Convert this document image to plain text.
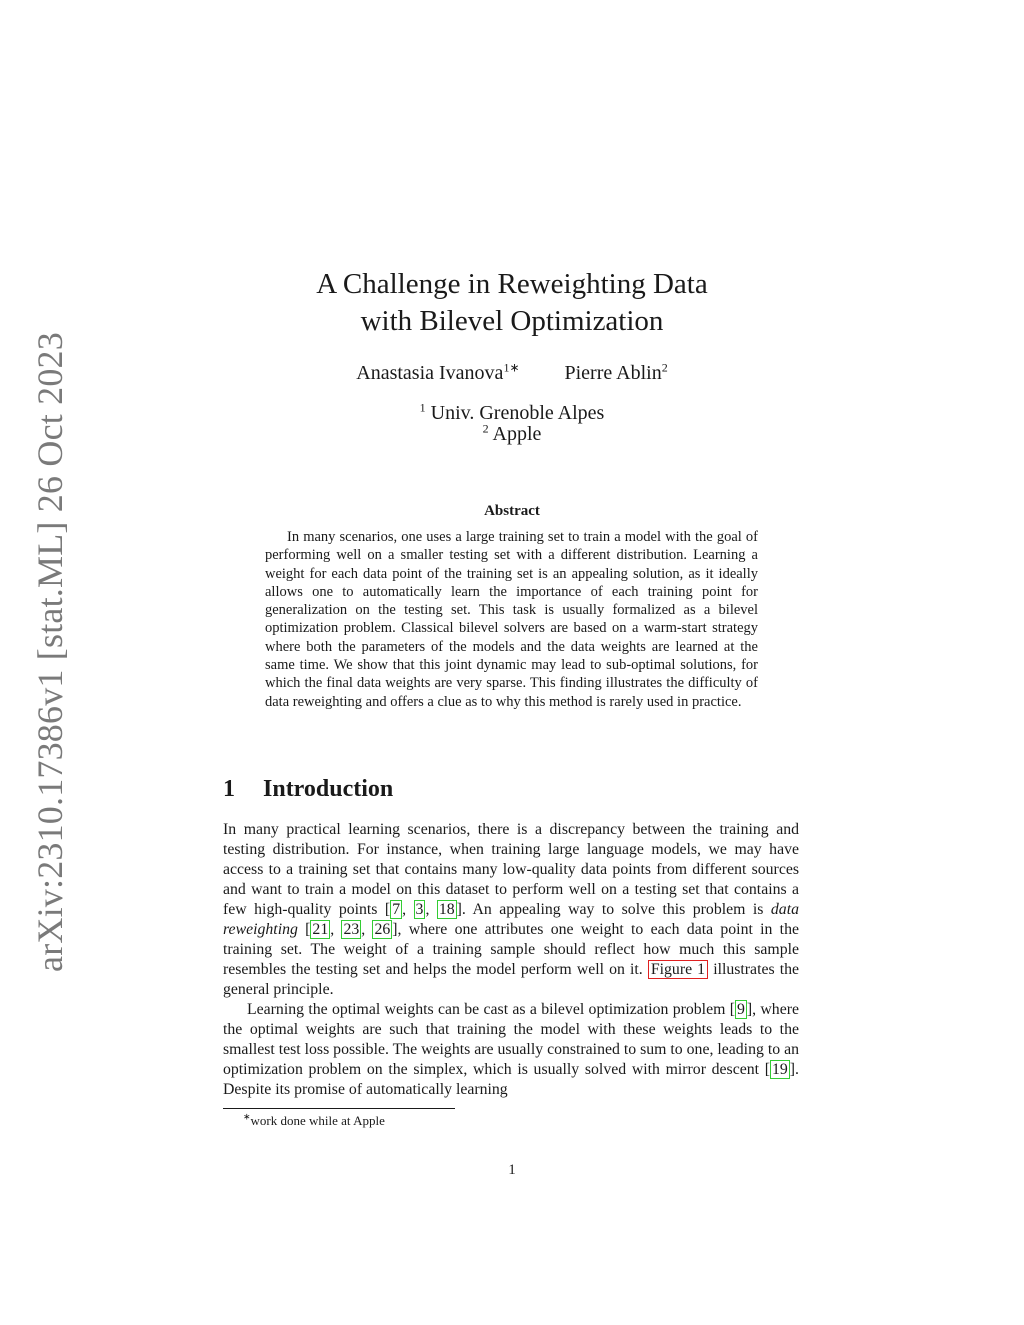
arXiv:2310.17386v1 [stat.ML] 26 Oct 2023
A Challenge in Reweighting Data
with Bilevel Optimization
Anastasia Ivanova$^{1∗}$ Pierre Ablin$^2$
$^1$ Univ. Grenoble Alpes
$^2$ Apple
Abstract

In many scenarios, one uses a large training set to train a model with the goal of performing well on a smaller testing set with a different distribution. Learning a weight for each data point of the training set is an appealing solution, as it ideally allows one to automatically learn the importance of each training point for generalization on the testing set. This task is usually formalized as a bilevel optimization problem. Classical bilevel solvers are based on a warm-start strategy where both the parameters of the models and the data weights are learned at the same time. We show that this joint dynamic may lead to sub-optimal solutions, for which the final data weights are very sparse. This finding illustrates the difficulty of data reweighting and offers a clue as to why this method is rarely used in practice.

1 Introduction

In many practical learning scenarios, there is a discrepancy between the training and testing distribution. For instance, when training large language models, we may have access to a training set that contains many low-quality data points from different sources and want to train a model on this dataset to perform well on a testing set that contains a few high-quality points [ 7 , 3 , 18 ]. An appealing way to solve this problem is data reweighting [ 21 , 23 , 26 ], where one attributes one weight to each data point in the training set. The weight of a training sample should reflect how much this sample resembles the testing set and helps the model perform well on it. Figure 1 illustrates the general principle.

Learning the optimal weights can be cast as a bilevel optimization problem [ 9 ], where the optimal weights are such that training the model with these weights leads to the smallest test loss possible. The weights are usually constrained to sum to one, leading to an optimization problem on the simplex, which is usually solved with mirror descent [ 19 ]. Despite its promise of automatically learning

∗work done while at Apple
1
